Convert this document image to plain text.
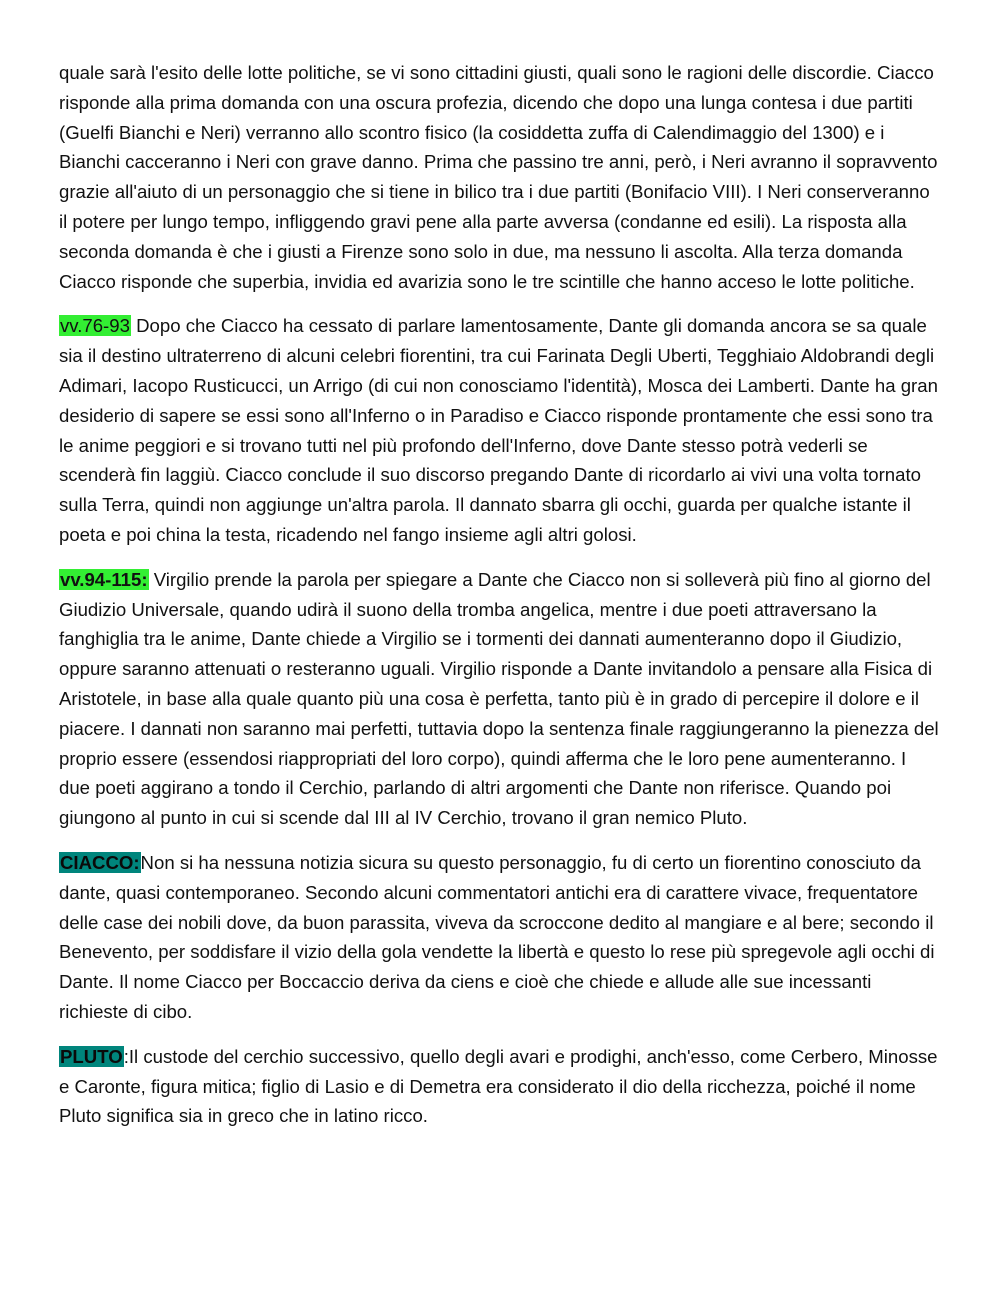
quale sarà l'esito delle lotte politiche, se vi sono cittadini giusti, quali sono le ragioni delle discordie. Ciacco risponde alla prima domanda con una oscura profezia, dicendo che dopo una lunga contesa i due partiti (Guelfi Bianchi e Neri) verranno allo scontro fisico (la cosiddetta zuffa di Calendimaggio del 1300) e i Bianchi cacceranno i Neri con grave danno. Prima che passino tre anni, però, i Neri avranno il sopravvento grazie all'aiuto di un personaggio che si tiene in bilico tra i due partiti (Bonifacio VIII). I Neri conserveranno il potere per lungo tempo, infliggendo gravi pene alla parte avversa (condanne ed esili). La risposta alla seconda domanda è che i giusti a Firenze sono solo in due, ma nessuno li ascolta. Alla terza domanda Ciacco risponde che superbia, invidia ed avarizia sono le tre scintille che hanno acceso le lotte politiche.

vv.76-93 Dopo che Ciacco ha cessato di parlare lamentosamente, Dante gli domanda ancora se sa quale sia il destino ultraterreno di alcuni celebri fiorentini, tra cui Farinata Degli Uberti, Tegghiaio Aldobrandi degli Adimari, Iacopo Rusticucci, un Arrigo (di cui non conosciamo l'identità), Mosca dei Lamberti. Dante ha gran desiderio di sapere se essi sono all'Inferno o in Paradiso e Ciacco risponde prontamente che essi sono tra le anime peggiori e si trovano tutti nel più profondo dell'Inferno, dove Dante stesso potrà vederli se scenderà fin laggiù. Ciacco conclude il suo discorso pregando Dante di ricordarlo ai vivi una volta tornato sulla Terra, quindi non aggiunge un'altra parola. Il dannato sbarra gli occhi, guarda per qualche istante il poeta e poi china la testa, ricadendo nel fango insieme agli altri golosi.

vv.94-115: Virgilio prende la parola per spiegare a Dante che Ciacco non si solleverà più fino al giorno del Giudizio Universale, quando udirà il suono della tromba angelica, mentre i due poeti attraversano la fanghiglia tra le anime, Dante chiede a Virgilio se i tormenti dei dannati aumenteranno dopo il Giudizio, oppure saranno attenuati o resteranno uguali. Virgilio risponde a Dante invitandolo a pensare alla Fisica di Aristotele, in base alla quale quanto più una cosa è perfetta, tanto più è in grado di percepire il dolore e il piacere. I dannati non saranno mai perfetti, tuttavia dopo la sentenza finale raggiungeranno la pienezza del proprio essere (essendosi riappropriati del loro corpo), quindi afferma che le loro pene aumenteranno. I due poeti aggirano a tondo il Cerchio, parlando di altri argomenti che Dante non riferisce. Quando poi giungono al punto in cui si scende dal III al IV Cerchio, trovano il gran nemico Pluto.

CIACCO:Non si ha nessuna notizia sicura su questo personaggio, fu di certo un fiorentino conosciuto da dante, quasi contemporaneo. Secondo alcuni commentatori antichi era di carattere vivace, frequentatore delle case dei nobili dove, da buon parassita, viveva da scroccone dedito al mangiare e al bere; secondo il Benevento, per soddisfare il vizio della gola vendette la libertà e questo lo rese più spregevole agli occhi di Dante. Il nome Ciacco per Boccaccio deriva da ciens e cioè che chiede e allude alle sue incessanti richieste di cibo.

PLUTO:Il custode del cerchio successivo, quello degli avari e prodighi, anch'esso, come Cerbero, Minosse e Caronte, figura mitica; figlio di Lasio e di Demetra era considerato il dio della ricchezza, poiché il nome Pluto significa sia in greco che in latino ricco.
